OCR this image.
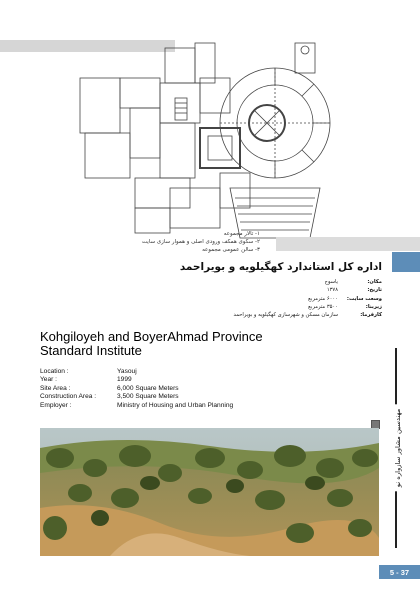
۱- تالار مجموعه
۲- سکوی همکف ورودی اصلی و هموار سازی سایت
۳- سالن عمومی مجموعه
اداره کل استاندارد کهگیلویه و بویراحمد
مکان:
یاسوج
تاریخ:
۱۳۷۸
وسعت سایت:
۶۰۰۰ مترمربع
زیربنا:
۳۵۰۰ مترمربع
کارفرما:
سازمان مسکن و شهرسازی کهگیلویه و بویراحمد
Kohgiloyeh and BoyerAhmad Province
Standard Institute
Location :	Yasouj
Year :	1999
Site Area :	6,000 Square Meters
Construction Area :	3,500 Square Meters
Employer :	Ministry of Housing and Urban Planning
مهندسین مشاور سازواره نو
5 - 37
